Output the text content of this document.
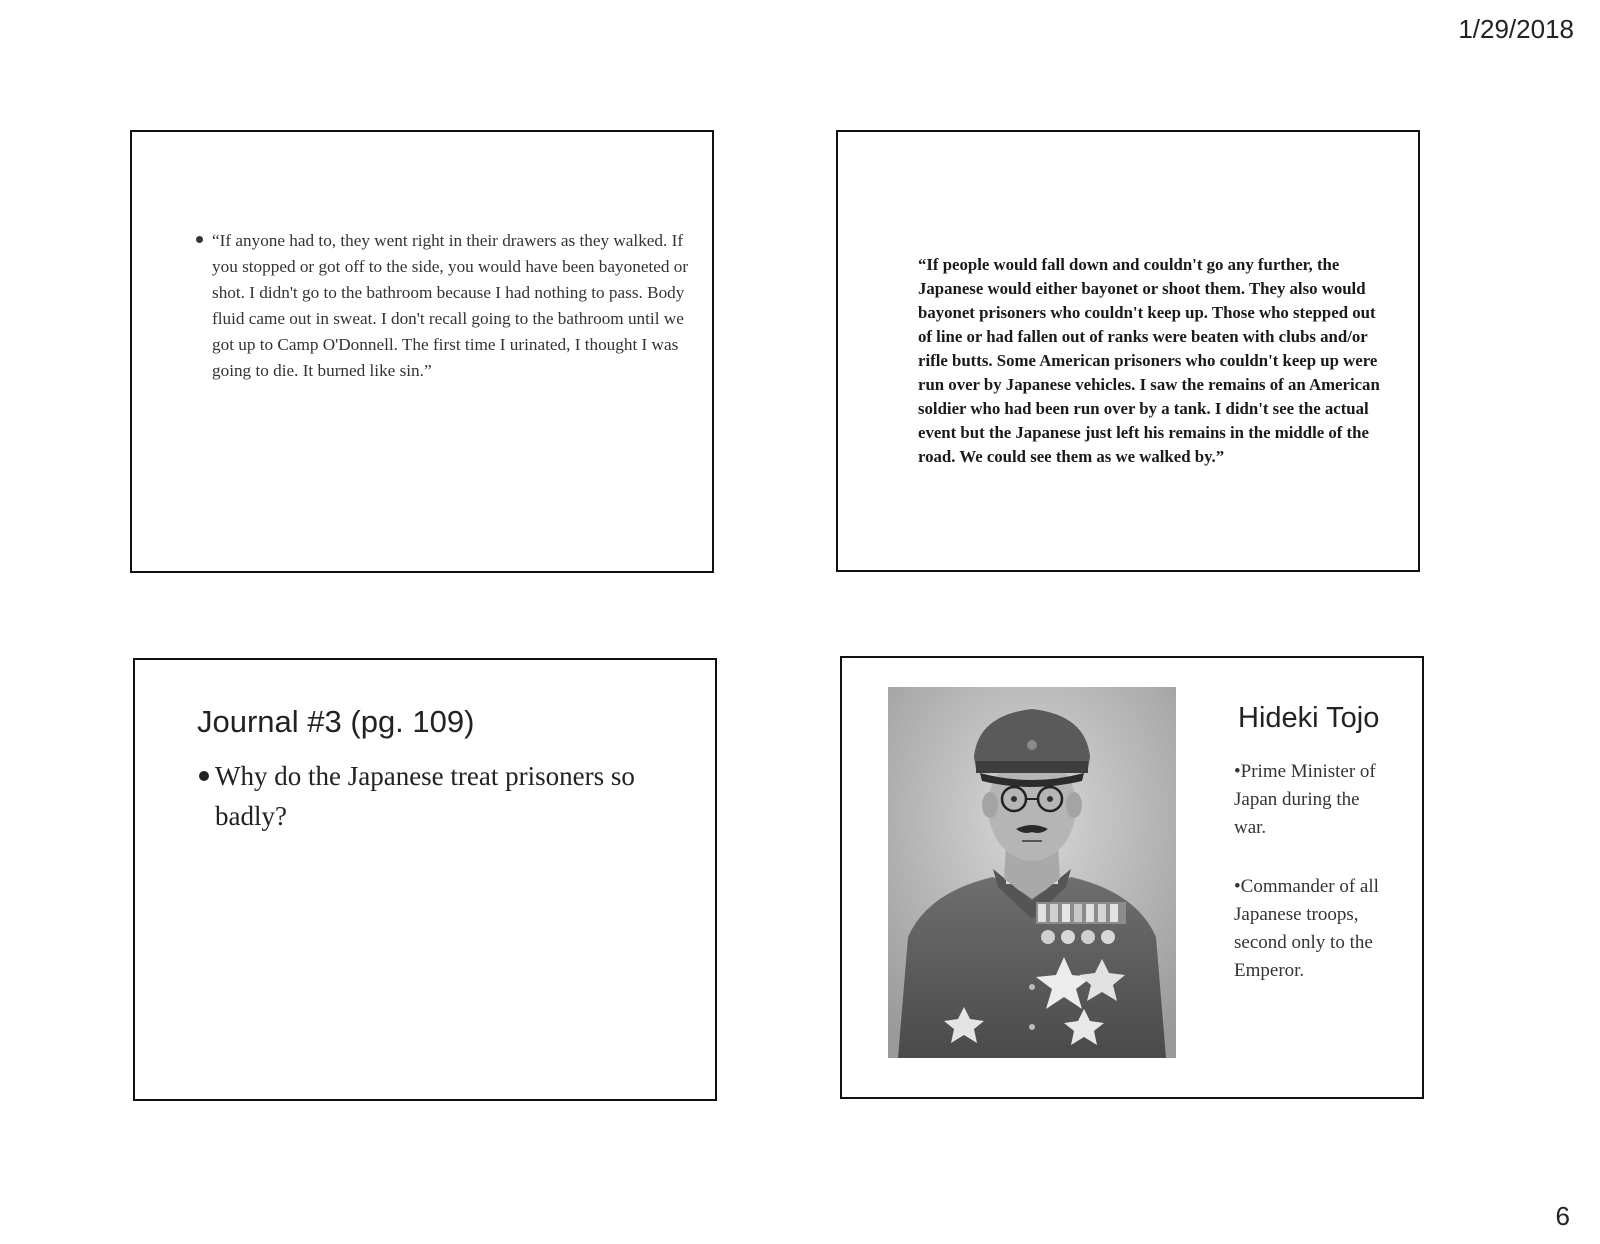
1/29/2018
“If anyone had to, they went right in their drawers as they walked. If you stopped or got off to the side, you would have been bayoneted or shot. I didn't go to the bathroom because I had nothing to pass. Body fluid came out in sweat. I don't recall going to the bathroom until we got up to Camp O'Donnell. The first time I urinated, I thought I was going to die. It burned like sin.”
“If people would fall down and couldn't go any further, the Japanese would either bayonet or shoot them. They also would bayonet prisoners who couldn't keep up. Those who stepped out of line or had fallen out of ranks were beaten with clubs and/or rifle butts. Some American prisoners who couldn't keep up were run over by Japanese vehicles. I saw the remains of an American soldier who had been run over by a tank. I didn't see the actual event but the Japanese just left his remains in the middle of the road. We could see them as we walked by.”
Journal #3 (pg. 109)
Why do the Japanese treat prisoners so badly?
Hideki Tojo
•Prime Minister of Japan during the war.
•Commander of all Japanese troops, second only to the Emperor.
6
